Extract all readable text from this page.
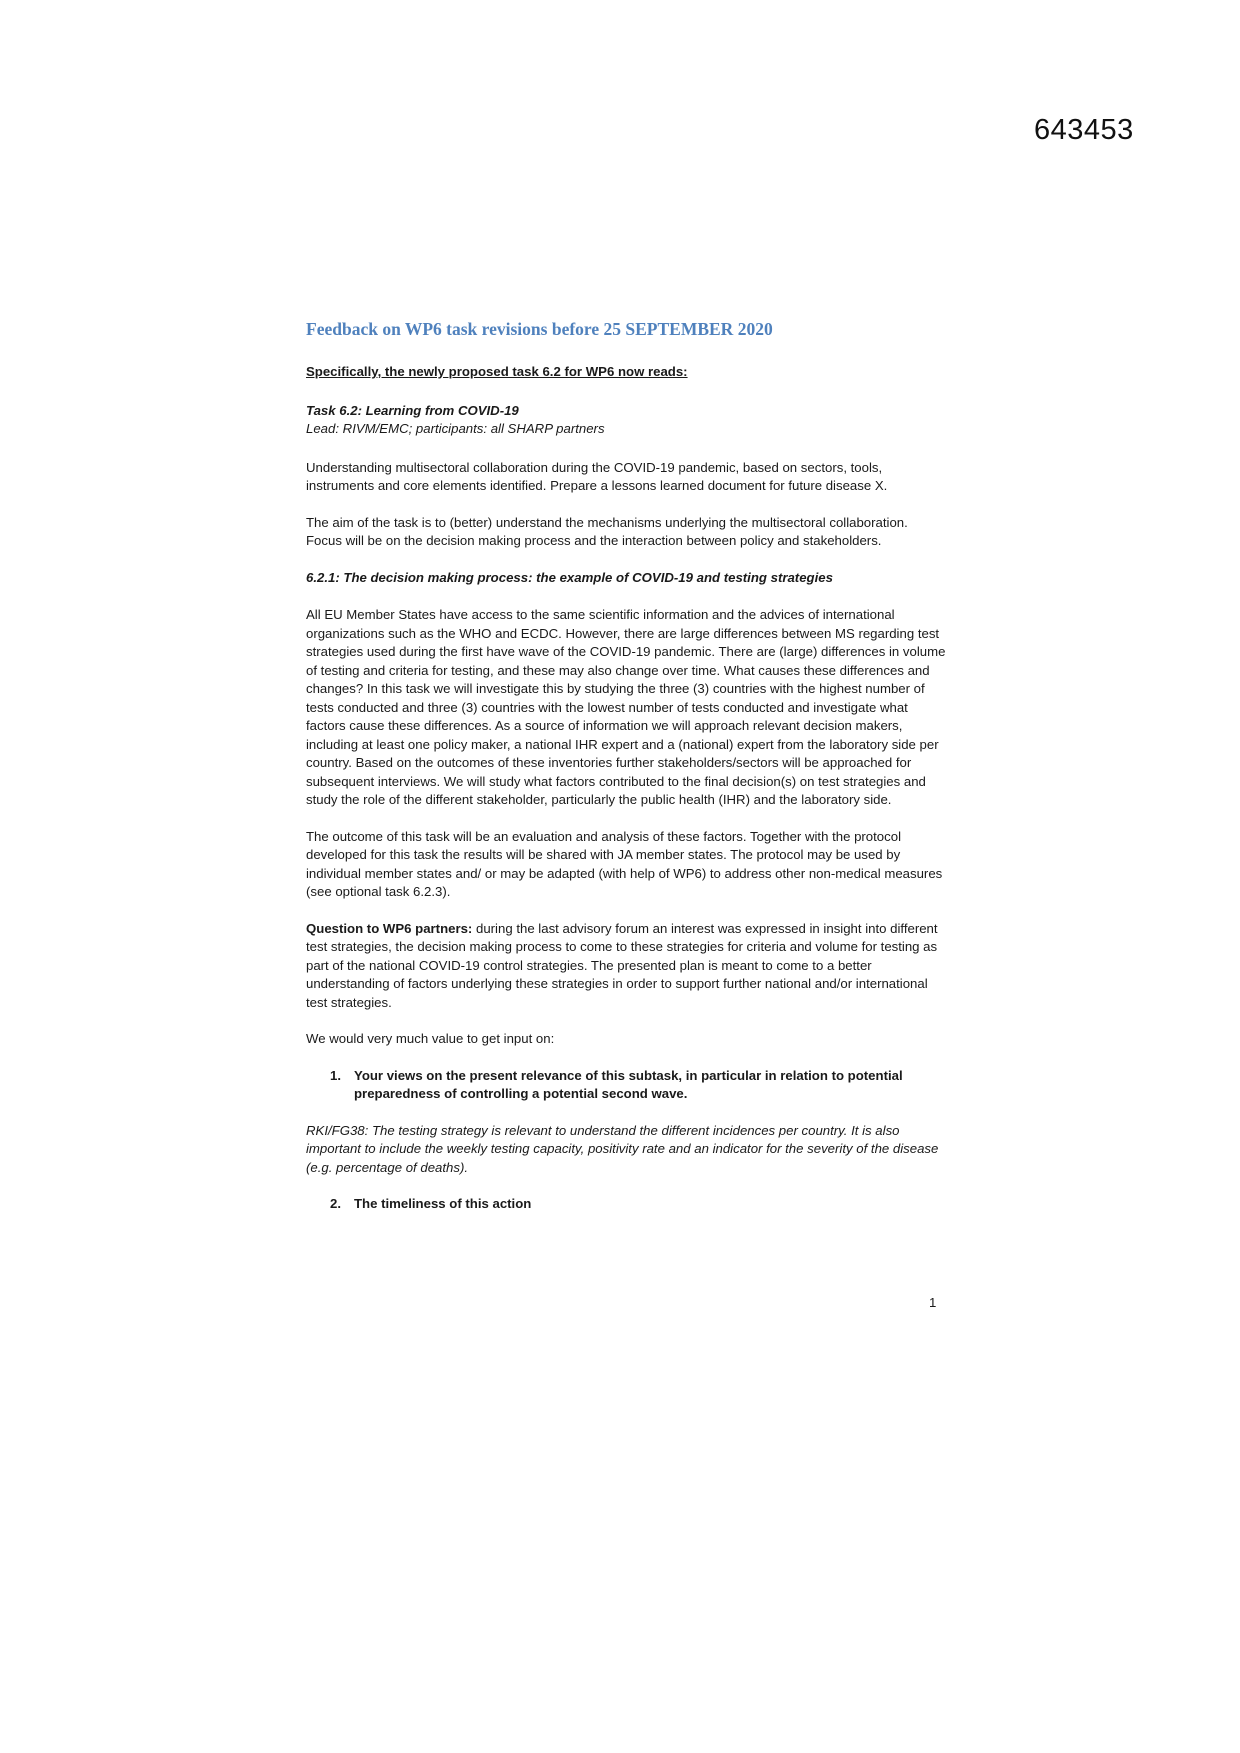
643453
Feedback on WP6 task revisions before 25 SEPTEMBER 2020

Specifically, the newly proposed task 6.2 for WP6 now reads:

Task 6.2: Learning from COVID-19

Lead: RIVM/EMC; participants: all SHARP partners

Understanding multisectoral collaboration during the COVID-19 pandemic, based on sectors, tools, instruments and core elements identified. Prepare a lessons learned document for future disease X.

The aim of the task is to (better) understand the mechanisms underlying the multisectoral collaboration. Focus will be on the decision making process and the interaction between policy and stakeholders.

6.2.1: The decision making process: the example of COVID-19 and testing strategies

All EU Member States have access to the same scientific information and the advices of international organizations such as the WHO and ECDC. However, there are large differences between MS regarding test strategies used during the first have wave of the COVID-19 pandemic. There are (large) differences in volume of testing and criteria for testing, and these may also change over time. What causes these differences and changes? In this task we will investigate this by studying the three (3) countries with the highest number of tests conducted and three (3) countries with the lowest number of tests conducted and investigate what factors cause these differences. As a source of information we will approach relevant decision makers, including at least one policy maker, a national IHR expert and a (national) expert from the laboratory side per country. Based on the outcomes of these inventories further stakeholders/sectors will be approached for subsequent interviews. We will study what factors contributed to the final decision(s) on test strategies and study the role of the different stakeholder, particularly the public health (IHR) and the laboratory side.

The outcome of this task will be an evaluation and analysis of these factors. Together with the protocol developed for this task the results will be shared with JA member states. The protocol may be used by individual member states and/ or may be adapted (with help of WP6) to address other non-medical measures (see optional task 6.2.3).

Question to WP6 partners: during the last advisory forum an interest was expressed in insight into different test strategies, the decision making process to come to these strategies for criteria and volume for testing as part of the national COVID-19 control strategies. The presented plan is meant to come to a better understanding of factors underlying these strategies in order to support further national and/or international test strategies.

We would very much value to get input on:

1. Your views on the present relevance of this subtask, in particular in relation to potential preparedness of controlling a potential second wave.

RKI/FG38: The testing strategy is relevant to understand the different incidences per country. It is also important to include the weekly testing capacity, positivity rate and an indicator for the severity of the disease (e.g. percentage of deaths).

2. The timeliness of this action
1
